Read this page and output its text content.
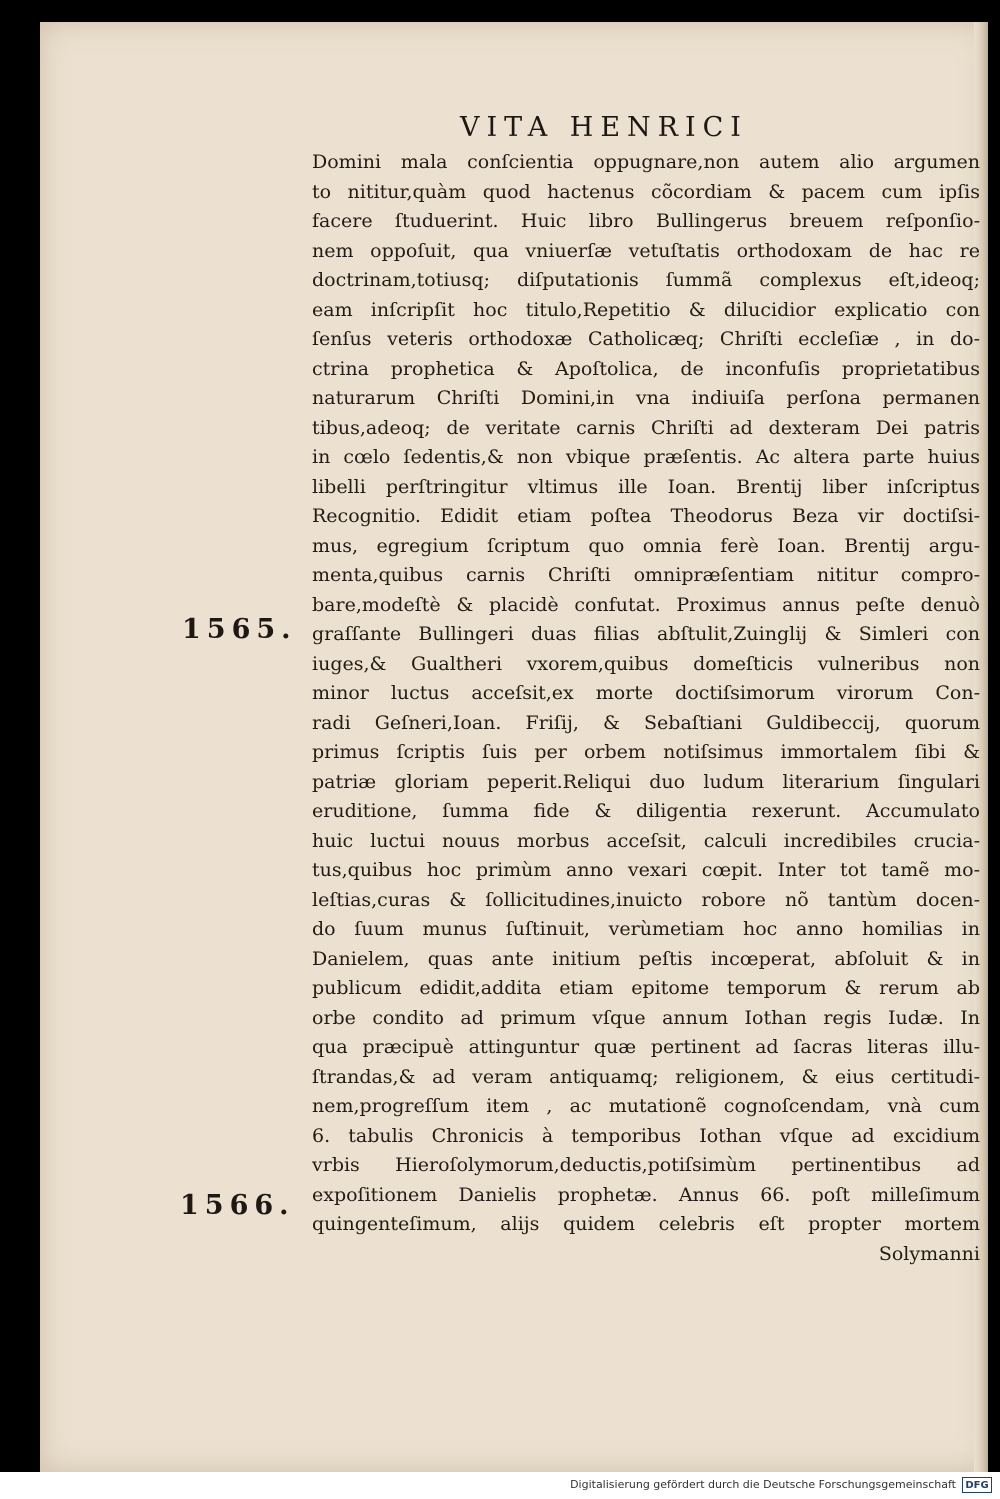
VITA HENRICI
1565.
1566.
Domini mala conſcientia oppugnare,non autem alio argumen
to nititur,quàm quod hactenus cõcordiam & pacem cum ipſis
facere ſtuduerint. Huic libro Bullingerus breuem reſponſio-
nem oppoſuit, qua vniuerſæ vetuſtatis orthodoxam de hac re
doctrinam,totiusq; diſputationis ſummã complexus eſt,ideoq;
eam inſcripſit hoc titulo,Repetitio & dilucidior explicatio con
ſenſus veteris orthodoxæ Catholicæq; Chriſti eccleſiæ , in do-
ctrina prophetica & Apoſtolica, de inconfuſis proprietatibus
naturarum Chriſti Domini,in vna indiuiſa perſona permanen
tibus,adeoq; de veritate carnis Chriſti ad dexteram Dei patris
in cœlo ſedentis,& non vbique præſentis. Ac altera parte huius
libelli perſtringitur vltimus ille Ioan. Brentij liber inſcriptus
Recognitio. Edidit etiam poſtea Theodorus Beza vir doctiſsi-
mus, egregium ſcriptum quo omnia ferè Ioan. Brentij argu-
menta,quibus carnis Chriſti omnipræſentiam nititur compro-
bare,modeſtè & placidè confutat. Proximus annus peſte denuò
graſſante Bullingeri duas filias abſtulit,Zuinglij & Simleri con
iuges,& Gualtheri vxorem,quibus domeſticis vulneribus non
minor luctus acceſsit,ex morte doctiſsimorum virorum Con-
radi Geſneri,Ioan. Friſij, & Sebaſtiani Guldibeccij, quorum
primus ſcriptis ſuis per orbem notiſsimus immortalem ſibi &
patriæ gloriam peperit.Reliqui duo ludum literarium ſingulari
eruditione, ſumma fide & diligentia rexerunt. Accumulato
huic luctui nouus morbus acceſsit, calculi incredibiles crucia-
tus,quibus hoc primùm anno vexari cœpit. Inter tot tamẽ mo-
leſtias,curas & ſollicitudines,inuicto robore nõ tantùm docen-
do ſuum munus ſuſtinuit, verùmetiam hoc anno homilias in
Danielem, quas ante initium peſtis incœperat, abſoluit & in
publicum edidit,addita etiam epitome temporum & rerum ab
orbe condito ad primum vſque annum Iothan regis Iudæ. In
qua præcipuè attinguntur quæ pertinent ad ſacras literas illu-
ſtrandas,& ad veram antiquamq; religionem, & eius certitudi-
nem,progreſſum item , ac mutationẽ cognoſcendam, vnà cum
6. tabulis Chronicis à temporibus Iothan vſque ad excidium
vrbis Hieroſolymorum,deductis,potiſsimùm pertinentibus ad
expoſitionem Danielis prophetæ. Annus 66. poſt milleſimum
quingenteſimum, alijs quidem celebris eſt propter mortem
Solymanni
Digitalisierung gefördert durch die Deutsche Forschungsgemeinschaft DFG
